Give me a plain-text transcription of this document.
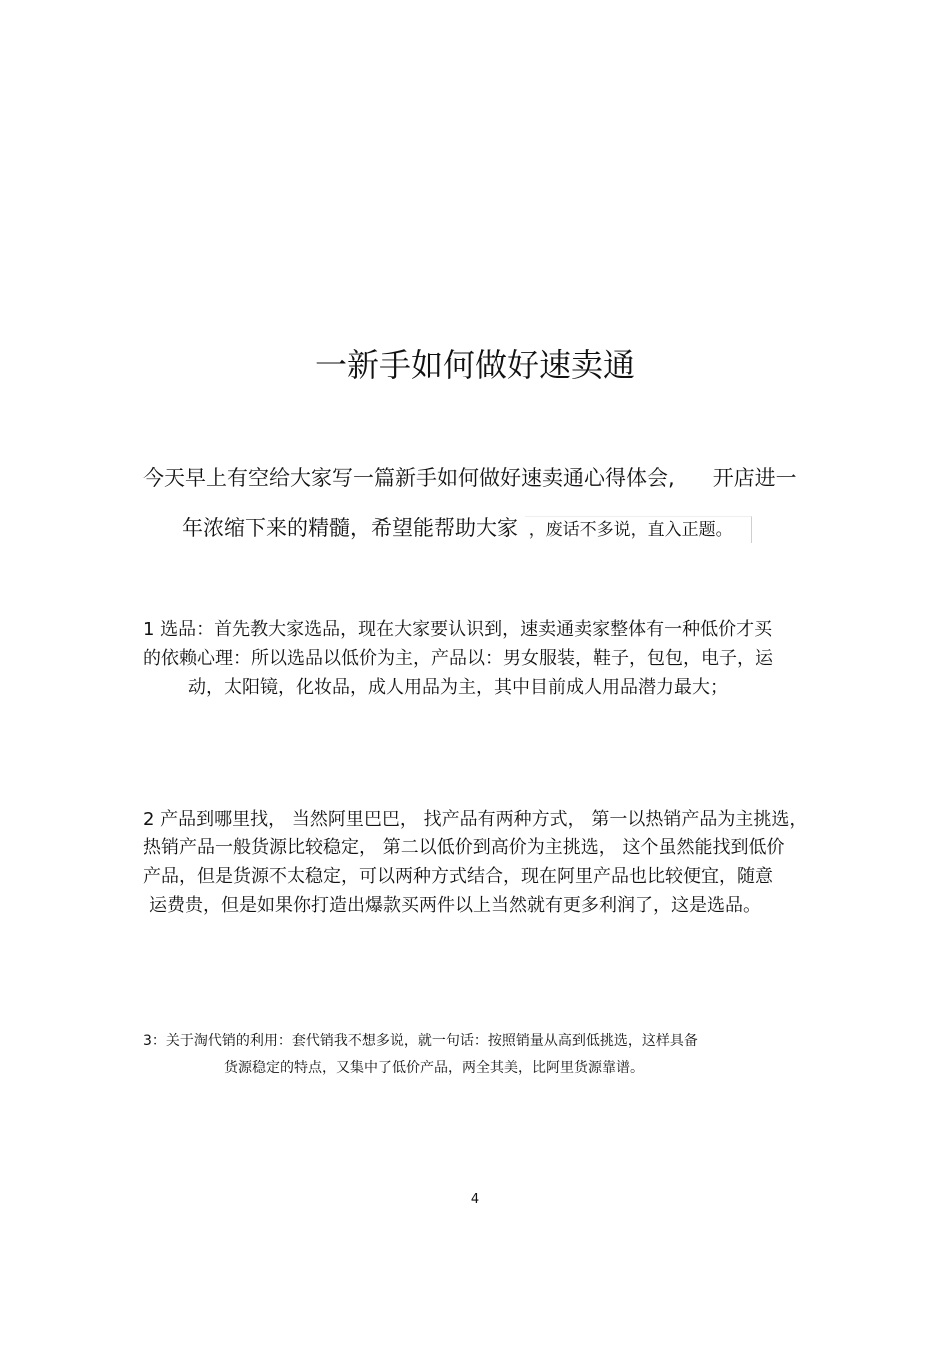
一新手如何做好速卖通
今天早上有空给大家写一篇新手如何做好速卖通心得体会, 开店进一
年浓缩下来的精髓，希望能帮助大家 ，废话不多说，直入正题。
1 选品：首先教大家选品，现在大家要认识到，速卖通卖家整体有一种低价才买
的依赖心理：所以选品以低价为主，产品以：男女服装，鞋子，包包，电子，运
动，太阳镜，化妆品，成人用品为主，其中目前成人用品潜力最大；
2 产品到哪里找， 当然阿里巴巴， 找产品有两种方式， 第一以热销产品为主挑选，
热销产品一般货源比较稳定， 第二以低价到高价为主挑选， 这个虽然能找到低价
产品，但是货源不太稳定，可以两种方式结合，现在阿里产品也比较便宜，随意
运费贵，但是如果你打造出爆款买两件以上当然就有更多利润了，这是选品。
3：关于淘代销的利用：套代销我不想多说，就一句话：按照销量从高到低挑选，这样具备
货源稳定的特点，又集中了低价产品，两全其美，比阿里货源靠谱。
4
